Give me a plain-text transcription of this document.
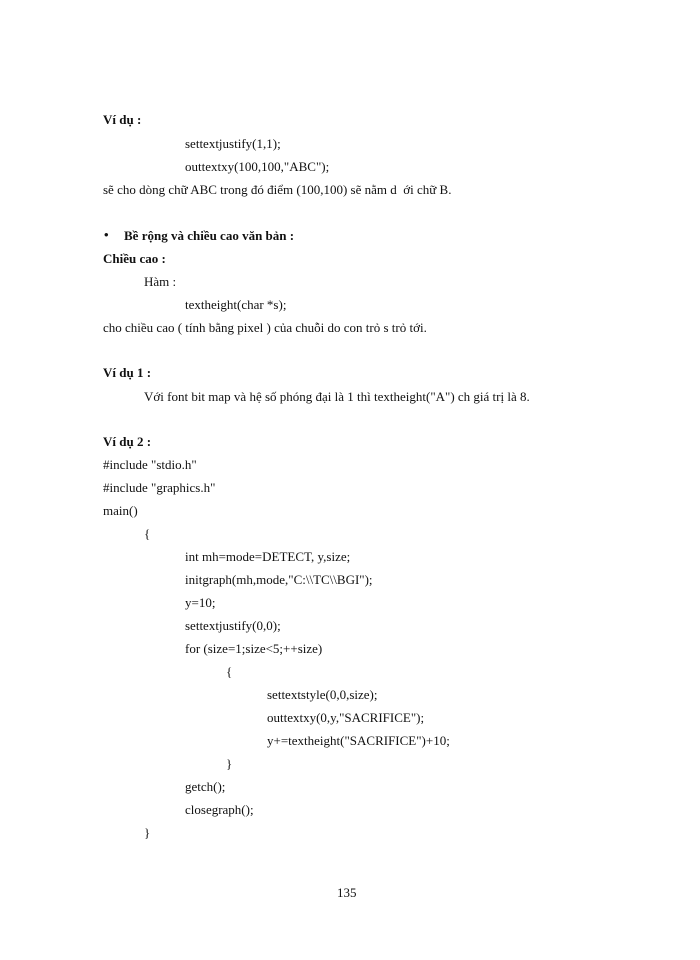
Ví dụ :
settextjustify(1,1);
outtextxy(100,100,"ABC");
sẽ cho dòng chữ ABC trong đó điểm (100,100) sẽ nằm d  ới chữ B.
• Bề rộng và chiều cao văn bản :
Chiều cao :
Hàm :
textheight(char *s);
cho chiều cao ( tính bằng pixel ) của chuỗi do con trỏ s trỏ tới.
Ví dụ 1 :
Với font bit map và hệ số phóng đại là 1 thì textheight("A") ch giá trị là 8.
Ví dụ 2 :
#include "stdio.h"
#include "graphics.h"
main()
{
int mh=mode=DETECT, y,size;
initgraph(mh,mode,"C:\\TC\\BGI");
y=10;
settextjustify(0,0);
for (size=1;size<5;++size)
{
settextstyle(0,0,size);
outtextxy(0,y,"SACRIFICE");
y+=textheight("SACRIFICE")+10;
}
getch();
closegraph();
}
135
